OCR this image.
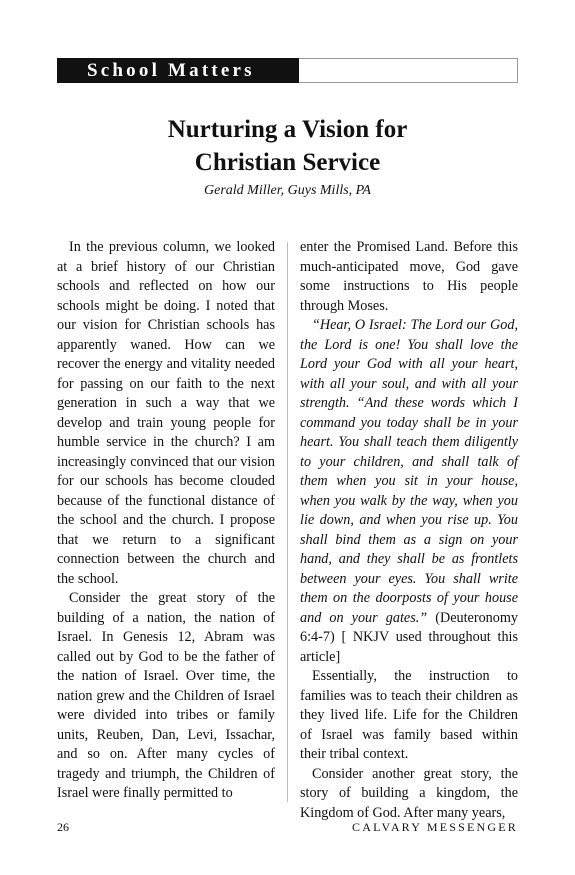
School Matters
Nurturing a Vision for
Christian Service
Gerald Miller, Guys Mills, PA

In the previous column, we looked at a brief history of our Christian schools and reflected on how our schools might be doing. I noted that our vision for Christian schools has apparently waned. How can we recover the energy and vitality needed for passing on our faith to the next generation in such a way that we develop and train young people for humble service in the church? I am increasingly convinced that our vision for our schools has become clouded because of the functional distance of the school and the church. I propose that we return to a significant connection between the church and the school.

Consider the great story of the building of a nation, the nation of Israel. In Genesis 12, Abram was called out by God to be the father of the nation of Israel. Over time, the nation grew and the Children of Israel were divided into tribes or family units, Reuben, Dan, Levi, Issachar, and so on. After many cycles of tragedy and triumph, the Children of Israel were finally permitted to

enter the Promised Land. Before this much-anticipated move, God gave some instructions to His people through Moses.

“Hear, O Israel: The Lord our God, the Lord is one! You shall love the Lord your God with all your heart, with all your soul, and with all your strength. “And these words which I command you today shall be in your heart. You shall teach them diligently to your children, and shall talk of them when you sit in your house, when you walk by the way, when you lie down, and when you rise up. You shall bind them as a sign on your hand, and they shall be as frontlets between your eyes. You shall write them on the doorposts of your house and on your gates.” (Deuteronomy 6:4-7) [ NKJV used throughout this article]

Essentially, the instruction to families was to teach their children as they lived life. Life for the Children of Israel was family based within their tribal context.

Consider another great story, the story of building a kingdom, the Kingdom of God. After many years,

26	CALVARY MESSENGER
